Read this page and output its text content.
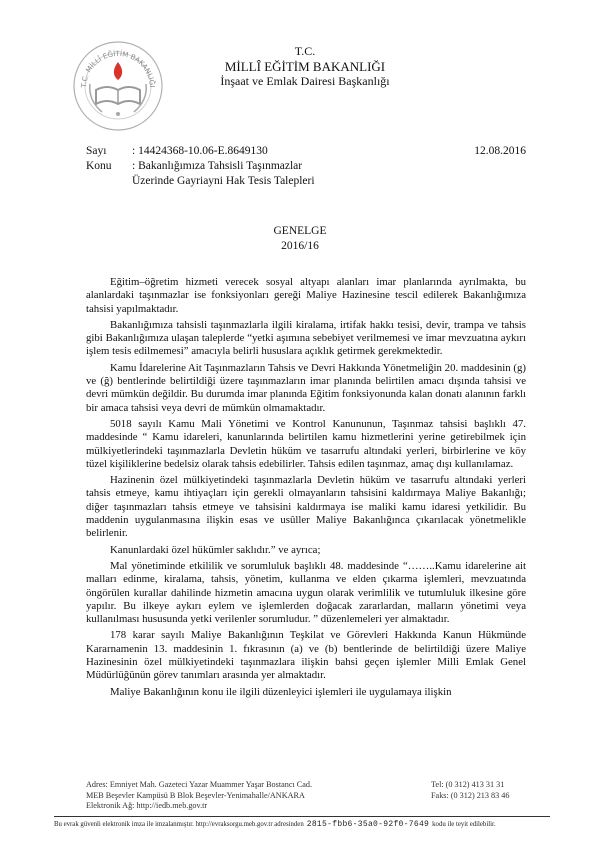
T.C. MİLLÎ EĞİTİM BAKANLIĞI
T.C.
MİLLÎ EĞİTİM BAKANLIĞI
İnşaat ve Emlak Dairesi Başkanlığı
Sayı	: 14424368-10.06-E.8649130	12.08.2016
Konu	: Bakanlığımıza Tahsisli Taşınmazlar
Üzerinde Gayriayni Hak Tesis Talepleri
GENELGE
2016/16

Eğitim–öğretim hizmeti verecek sosyal altyapı alanları imar planlarında ayrılmakta, bu alanlardaki taşınmazlar ise fonksiyonları gereği Maliye Hazinesine tescil edilerek Bakanlığımıza tahsisi yapılmaktadır.

Bakanlığımıza tahsisli taşınmazlarla ilgili kiralama, irtifak hakkı tesisi, devir, trampa ve tahsis gibi Bakanlığımıza ulaşan taleplerde “yetki aşımına sebebiyet verilmemesi ve imar mevzuatına aykırı işlem tesis edilmemesi” amacıyla belirli hususlara açıklık getirmek gerekmektedir.

Kamu İdarelerine Ait Taşınmazların Tahsis ve Devri Hakkında Yönetmeliğin 20. maddesinin (g) ve (ğ) bentlerinde belirtildiği üzere taşınmazların imar planında belirtilen amacı dışında tahsisi ve devri mümkün değildir. Bu durumda imar planında Eğitim fonksiyonunda kalan donatı alanının farklı bir amaca tahsisi veya devri de mümkün olmamaktadır.

5018 sayılı Kamu Mali Yönetimi ve Kontrol Kanununun, Taşınmaz tahsisi başlıklı 47. maddesinde “ Kamu idareleri, kanunlarında belirtilen kamu hizmetlerini yerine getirebilmek için mülkiyetlerindeki taşınmazlarla Devletin hüküm ve tasarrufu altındaki yerleri, birbirlerine ve köy tüzel kişiliklerine bedelsiz olarak tahsis edebilirler. Tahsis edilen taşınmaz, amaç dışı kullanılamaz.

Hazinenin özel mülkiyetindeki taşınmazlarla Devletin hüküm ve tasarrufu altındaki yerleri tahsis etmeye, kamu ihtiyaçları için gerekli olmayanların tahsisini kaldırmaya Maliye Bakanlığı; diğer taşınmazları tahsis etmeye ve tahsisini kaldırmaya ise maliki kamu idaresi yetkilidir. Bu maddenin uygulanmasına ilişkin esas ve usûller Maliye Bakanlığınca çıkarılacak yönetmelikle belirlenir.

Kanunlardaki özel hükümler saklıdır.” ve ayrıca;

Mal yönetiminde etkililik ve sorumluluk başlıklı 48. maddesinde “……..Kamu idarelerine ait malları edinme, kiralama, tahsis, yönetim, kullanma ve elden çıkarma işlemleri, mevzuatında öngörülen kurallar dahilinde hizmetin amacına uygun olarak verimlilik ve tutumluluk ilkesine göre yapılır. Bu ilkeye aykırı eylem ve işlemlerden doğacak zararlardan, malların yönetimi veya kullanılması hususunda yetki verilenler sorumludur. ” düzenlemeleri yer almaktadır.

178 karar sayılı Maliye Bakanlığının Teşkilat ve Görevleri Hakkında Kanun Hükmünde Kararnamenin 13. maddesinin 1. fıkrasının (a) ve (b) bentlerinde de belirtildiği üzere Maliye Hazinesinin özel mülkiyetindeki taşınmazlara ilişkin bahsi geçen işlemler Milli Emlak Genel Müdürlüğünün görev tanımları arasında yer almaktadır.

Maliye Bakanlığının konu ile ilgili düzenleyici işlemleri ile uygulamaya ilişkin

Adres: Emniyet Mah. Gazeteci Yazar Muammer Yaşar Bostancı Cad.	Tel: (0 312) 413 31 31
MEB Beşevler Kampüsü B Blok Beşevler-Yenimahalle/ANKARA	Faks: (0 312) 213 83 46
Elektronik Ağ: http://iedb.meb.gov.tr
Bu evrak güvenli elektronik imza ile imzalanmıştır. http://evraksorgu.meb.gov.tr adresinden 2815-fbb6-35a0-92f0-7649 kodu ile teyit edilebilir.
